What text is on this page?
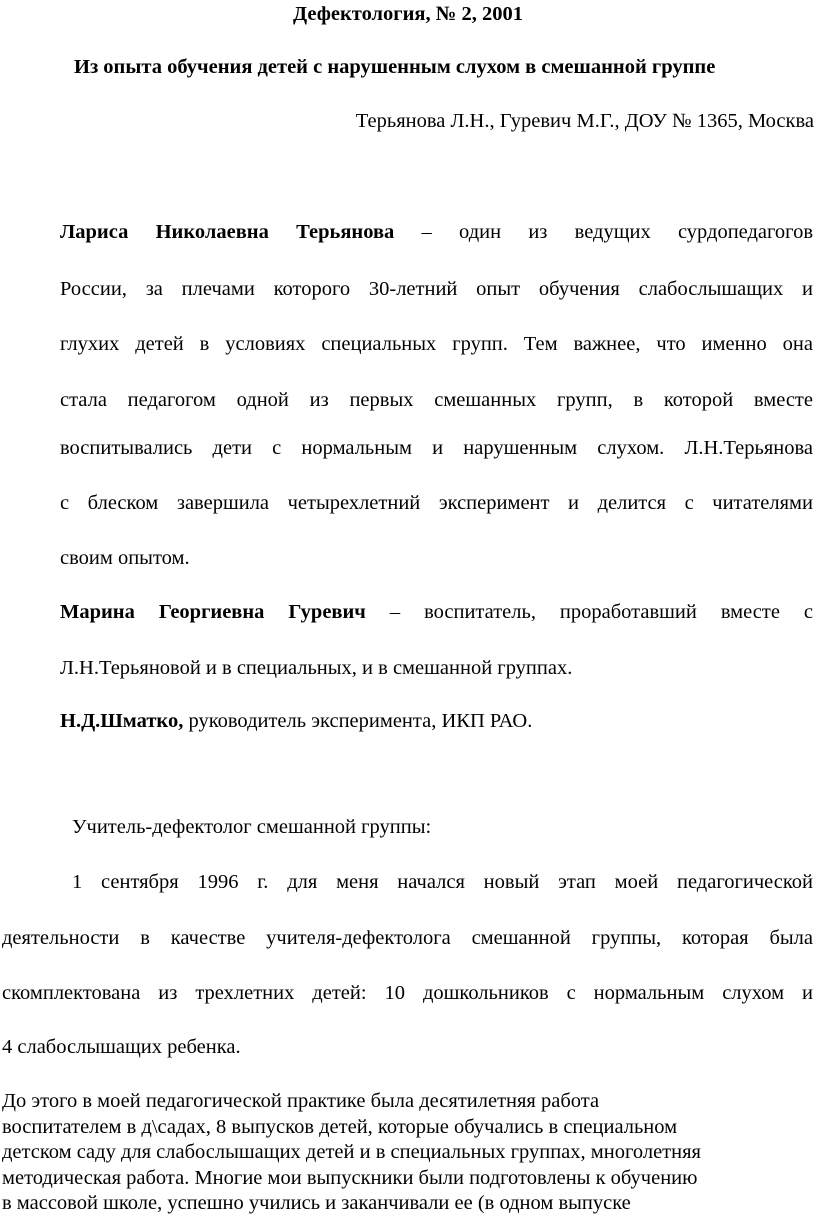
Дефектология, № 2, 2001
Из опыта обучения детей с нарушенным слухом в смешанной группе
Терьянова Л.Н., Гуревич М.Г., ДОУ № 1365, Москва
Лариса Николаевна Терьянова – один из ведущих сурдопедагогов
России, за плечами которого 30-летний опыт обучения слабослышащих и
глухих детей в условиях специальных групп. Тем важнее, что именно она
стала педагогом одной из первых смешанных групп, в которой вместе
воспитывались дети с нормальным и нарушенным слухом. Л.Н.Терьянова
с блеском завершила четырехлетний эксперимент и делится с читателями
своим опытом.
Марина Георгиевна Гуревич – воспитатель, проработавший вместе с
Л.Н.Терьяновой и в специальных, и в смешанной группах.
Н.Д.Шматко, руководитель эксперимента, ИКП РАО.
Учитель-дефектолог смешанной группы:
1 сентября 1996 г. для меня начался новый этап моей педагогической
деятельности в качестве учителя-дефектолога смешанной группы, которая была
скомплектована из трехлетних детей: 10 дошкольников с нормальным слухом и
4 слабослышащих ребенка.
До этого в моей педагогической практике была десятилетняя работа
воспитателем в д\садах, 8 выпусков детей, которые обучались в специальном
детском саду для слабослышащих детей и в специальных группах, многолетняя
методическая работа. Многие мои выпускники были подготовлены к обучению
в массовой школе, успешно учились и заканчивали ее (в одном выпуске
